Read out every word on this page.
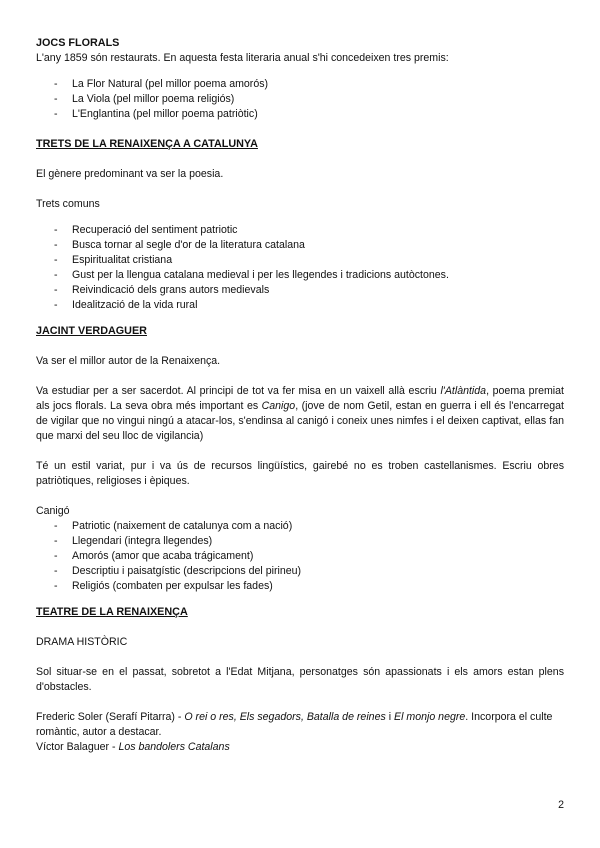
JOCS FLORALS

L'any 1859 són restaurats. En aquesta festa literaria anual s'hi concedeixen tres premis:

- La Flor Natural (pel millor poema amorós)
- La Viola (pel millor poema religiós)
- L'Englantina (pel millor poema patriòtic)
TRETS DE LA RENAIXENÇA A CATALUNYA

El gènere predominant va ser la poesia.

Trets comuns

- Recuperació del sentiment patriotic
- Busca tornar al segle d'or de la literatura catalana
- Espiritualitat cristiana
- Gust per la llengua catalana medieval i per les llegendes i tradicions autòctones.
- Reivindicació dels grans autors medievals
- Idealització de la vida rural
JACINT VERDAGUER

Va ser el millor autor de la Renaixença.

Va estudiar per a ser sacerdot. Al principi de tot va fer misa en un vaixell allà escriu l'Atlàntida, poema premiat als jocs florals. La seva obra més important es Canigo, (jove de nom Getil, estan en guerra i ell és l'encarregat de vigilar que no vingui ningú a atacar-los, s'endinsa al canigó i coneix unes nimfes i el deixen captivat, ellas fan que marxi del seu lloc de vigilancia)

Té un estil variat, pur i va ús de recursos lingüístics, gairebé no es troben castellanismes. Escriu obres patriòtiques, religioses i èpiques.

Canigó

- Patriotic (naixement de catalunya com a nació)
- Llegendari (integra llegendes)
- Amorós (amor que acaba trágicament)
- Descriptiu i paisatgístic (descripcions del pirineu)
- Religiós (combaten per expulsar les fades)
TEATRE DE LA RENAIXENÇA

DRAMA HISTÒRIC

Sol situar-se en el passat, sobretot a l'Edat Mitjana, personatges són apassionats i els amors estan plens d'obstacles.

Frederic Soler (Serafí Pitarra) - O rei o res, Els segadors, Batalla de reines i El monjo negre. Incorpora el culte romàntic, autor a destacar.

Víctor Balaguer - Los bandolers Catalans

2
